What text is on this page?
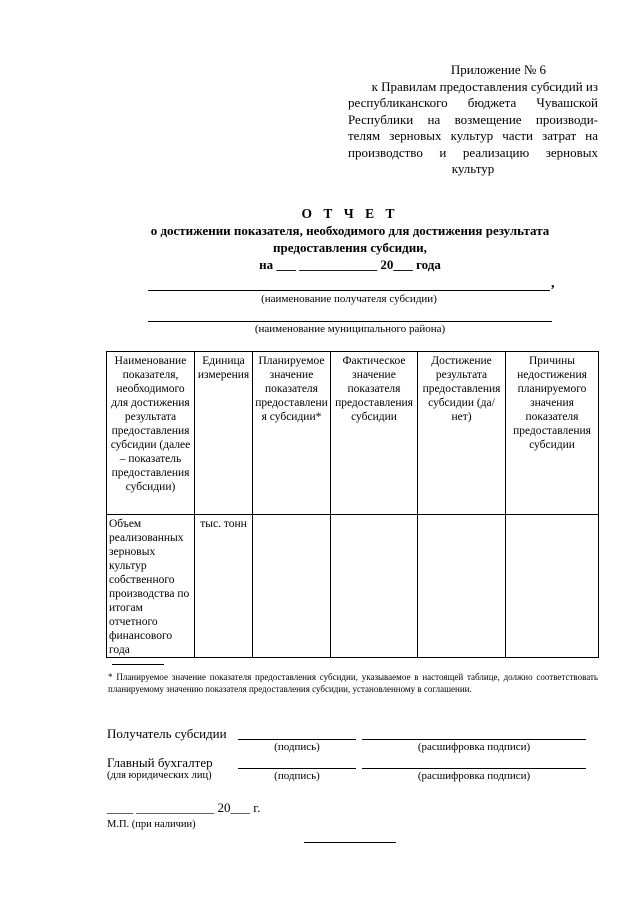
Приложение № 6
к Правилам предоставления субсидий из
республиканского бюджета Чувашской
Республики на возмещение производи-
телям зерновых культур части затрат на
производство и реализацию зерновых
культур
О Т Ч Е Т
о достижении показателя, необходимого для достижения результата
предоставления субсидии,
на ___ ____________ 20___ года
,
(наименование получателя субсидии)
(наименование муниципального района)
Наименование показателя, необходимого для достижения результата предоставления субсидии (далее – показатель предоставления субсидии)	Единица измерения	Планируемое значение показателя предоставления субсидии*	Фактическое значение показателя предоставления субсидии	Достижение результата предоставления субсидии (да/нет)	Причины недостижения планируемого значения показателя предоставления субсидии
Объем реализованных зерновых культур собственного производства по итогам отчетного финансового года	тыс. тонн				
* Планируемое значение показателя предоставления субсидии, указываемое в настоящей таблице, должно соответствовать планируемому значению показателя предоставления субсидии, установленному в соглашении.
Получатель субсидии
(подпись)	(расшифровка подписи)
Главный бухгалтер
(для юридических лиц)	(подпись)	(расшифровка подписи)
____ ____________ 20___ г.
М.П. (при наличии)
